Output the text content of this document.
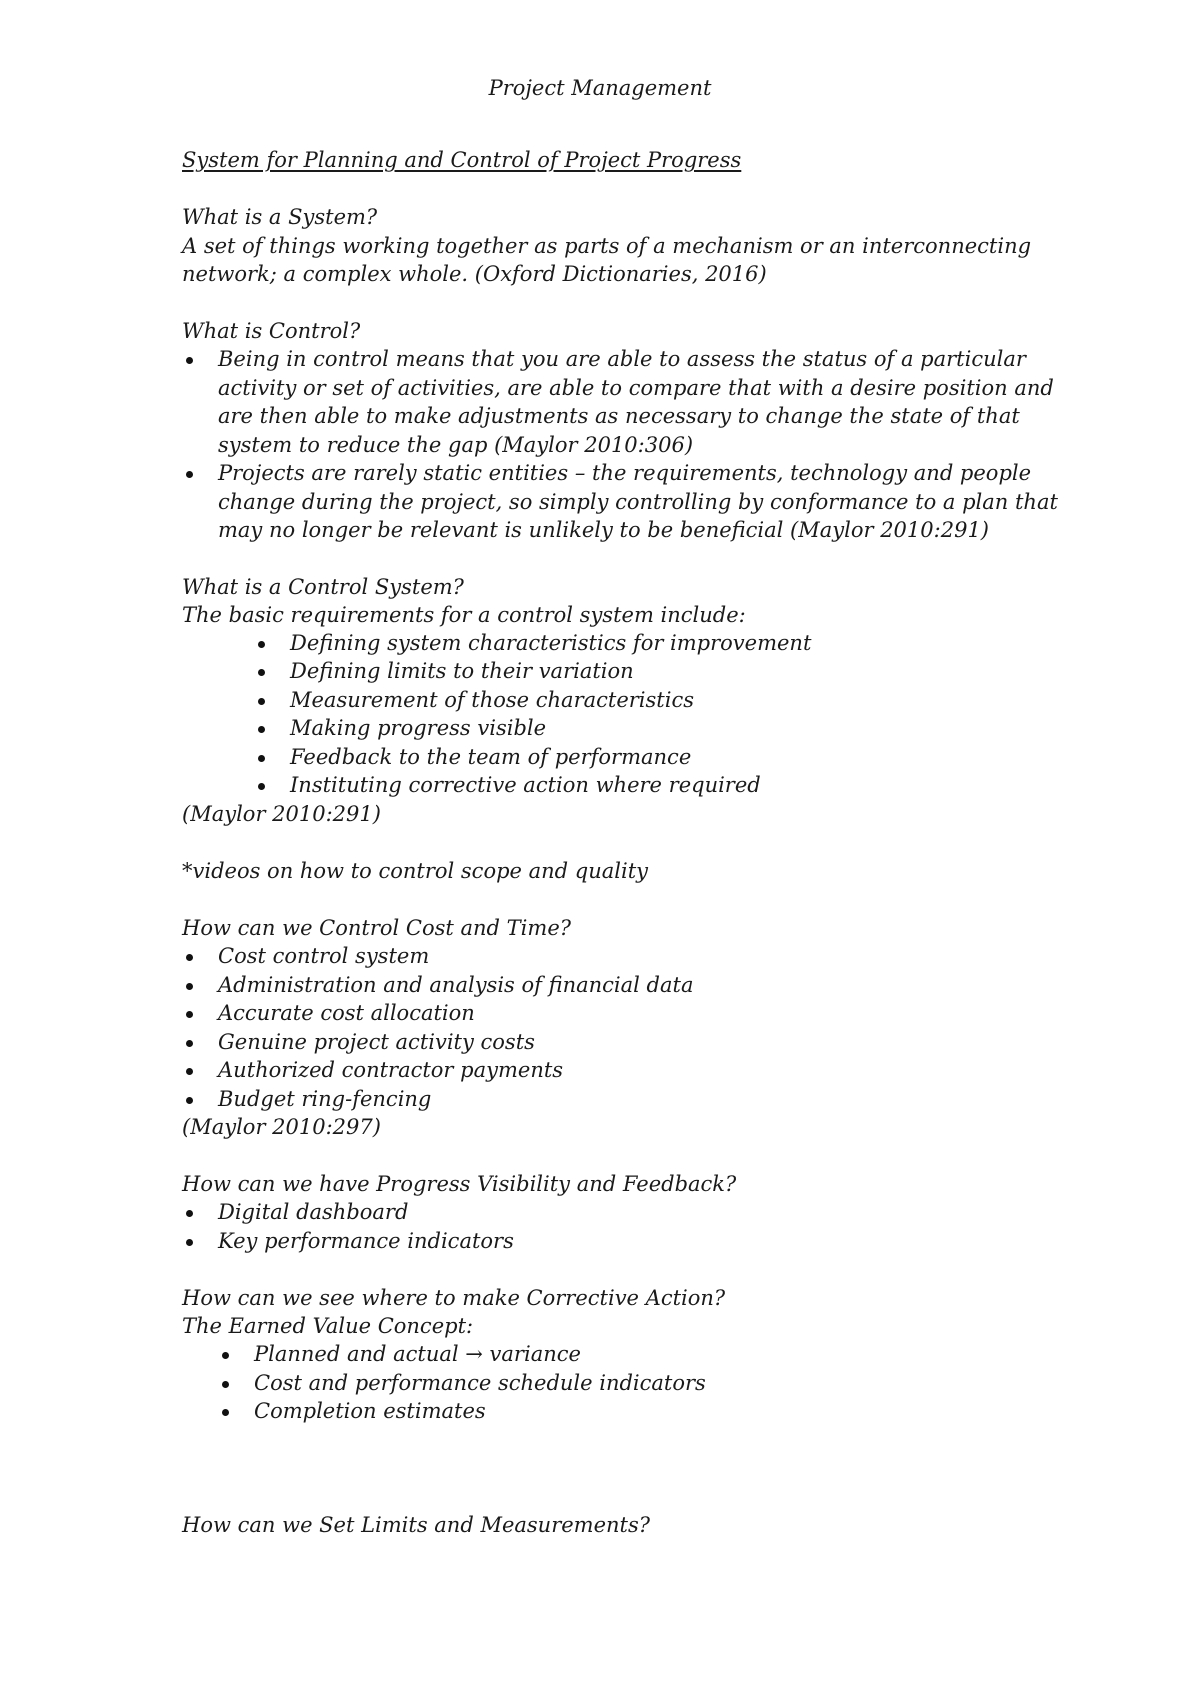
Project Management
System for Planning and Control of Project Progress
What is a System?
A set of things working together as parts of a mechanism or an interconnecting
network; a complex whole. (Oxford Dictionaries, 2016)
What is Control?
Being in control means that you are able to assess the status of a particular
activity or set of activities, are able to compare that with a desire position and
are then able to make adjustments as necessary to change the state of that
system to reduce the gap (Maylor 2010:306)
Projects are rarely static entities – the requirements, technology and people
change during the project, so simply controlling by conformance to a plan that
may no longer be relevant is unlikely to be beneficial (Maylor 2010:291)
What is a Control System?
The basic requirements for a control system include:
Defining system characteristics for improvement
Defining limits to their variation
Measurement of those characteristics
Making progress visible
Feedback to the team of performance
Instituting corrective action where required
(Maylor 2010:291)
*videos on how to control scope and quality
How can we Control Cost and Time?
Cost control system
Administration and analysis of financial data
Accurate cost allocation
Genuine project activity costs
Authorized contractor payments
Budget ring-fencing
(Maylor 2010:297)
How can we have Progress Visibility and Feedback?
Digital dashboard
Key performance indicators
How can we see where to make Corrective Action?
The Earned Value Concept:
Planned and actual → variance
Cost and performance schedule indicators
Completion estimates
How can we Set Limits and Measurements?
